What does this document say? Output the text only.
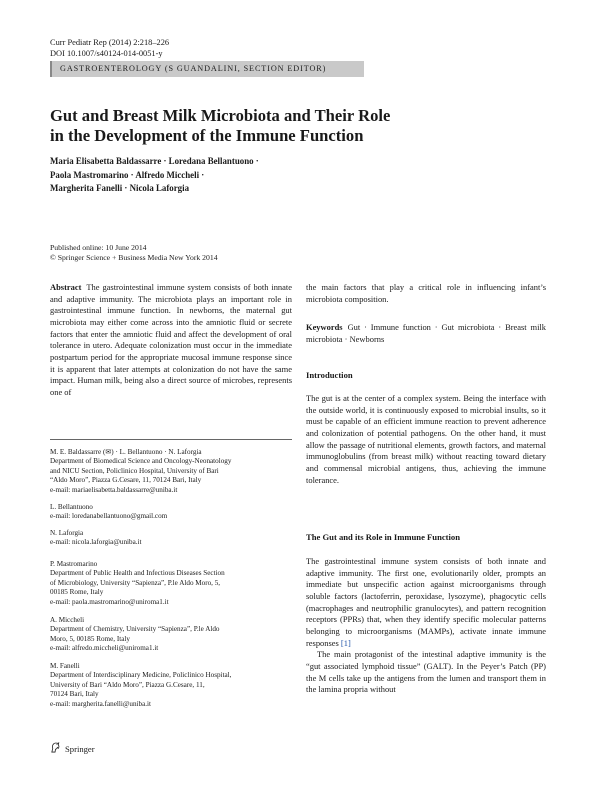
Curr Pediatr Rep (2014) 2:218–226
DOI 10.1007/s40124-014-0051-y
GASTROENTEROLOGY (S GUANDALINI, SECTION EDITOR)
Gut and Breast Milk Microbiota and Their Role
in the Development of the Immune Function
Maria Elisabetta Baldassarre · Loredana Bellantuono ·
Paola Mastromarino · Alfredo Miccheli ·
Margherita Fanelli · Nicola Laforgia
Published online: 10 June 2014
© Springer Science + Business Media New York 2014

Abstract The gastrointestinal immune system consists of both innate and adaptive immunity. The microbiota plays an important role in gastrointestinal immune function. In newborns, the maternal gut microbiota may either come across into the amniotic fluid or secrete factors that enter the amniotic fluid and affect the development of oral tolerance in utero. Adequate colonization must occur in the immediate postpartum period for the appropriate mucosal immune response since it is apparent that later attempts at colonization do not have the same impact. Human milk, being also a direct source of microbes, represents one of

M. E. Baldassarre (✉) · L. Bellantuono · N. Laforgia

Department of Biomedical Science and Oncology-Neonatology

and NICU Section, Policlinico Hospital, University of Bari

“Aldo Moro”, Piazza G.Cesare, 11, 70124 Bari, Italy

e-mail: mariaelisabetta.baldassarre@uniba.it

L. Bellantuono

e-mail: loredanabellantuono@gmail.com

N. Laforgia

e-mail: nicola.laforgia@uniba.it

P. Mastromarino

Department of Public Health and Infectious Diseases Section

of Microbiology, University “Sapienza”, P.le Aldo Moro, 5,

00185 Rome, Italy

e-mail: paola.mastromarino@uniroma1.it

A. Miccheli

Department of Chemistry, University “Sapienza”, P.le Aldo

Moro, 5, 00185 Rome, Italy

e-mail: alfredo.miccheli@uniroma1.it

M. Fanelli

Department of Interdisciplinary Medicine, Policlinico Hospital,

University of Bari “Aldo Moro”, Piazza G.Cesare, 11,

70124 Bari, Italy

e-mail: margherita.fanelli@uniba.it

Springer

the main factors that play a critical role in influencing infant’s microbiota composition.

Keywords Gut · Immune function · Gut microbiota · Breast milk microbiota · Newborns

Introduction

The gut is at the center of a complex system. Being the interface with the outside world, it is continuously exposed to microbial insults, so it must be capable of an efficient immune reaction to prevent adherence and colonization of potential pathogens. On the other hand, it must allow the passage of nutritional elements, growth factors, and maternal immunoglobulins (from breast milk) without reacting toward dietary and commensal microbial antigens, thus, achieving the immune tolerance.

The Gut and its Role in Immune Function

The gastrointestinal immune system consists of both innate and adaptive immunity. The first one, evolutionarily older, prompts an immediate but unspecific action against microorganisms through soluble factors (lactoferrin, peroxidase, lysozyme), phagocytic cells (macrophages and neutrophilic granulocytes), and pattern recognition receptors (PPRs) that, when they identify specific molecular patterns belonging to microorganisms (MAMPs), activate innate immune responses [1]

The main protagonist of the intestinal adaptive immunity is the “gut associated lymphoid tissue” (GALT). In the Peyer’s Patch (PP) the M cells take up the antigens from the lumen and transport them in the lamina propria without
